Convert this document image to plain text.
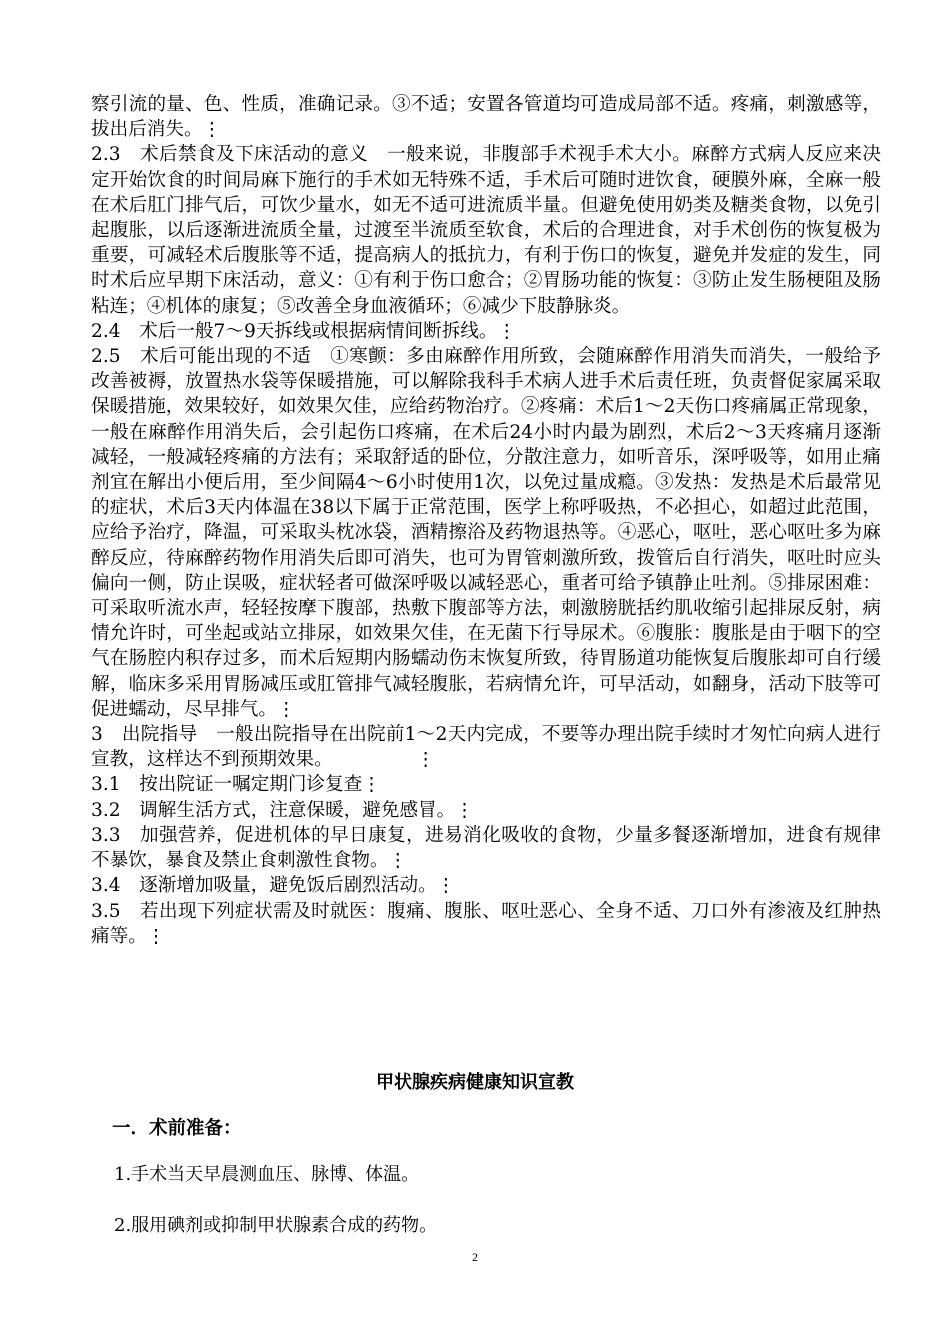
察引流的量、色、性质，准确记录。③不适；安置各管道均可造成局部不适。疼痛，刺激感等，拔出后消失。⋮

2.3　术后禁食及下床活动的意义　一般来说，非腹部手术视手术大小。麻醉方式病人反应来决定开始饮食的时间局麻下施行的手术如无特殊不适，手术后可随时进饮食，硬膜外麻，全麻一般在术后肛门排气后，可饮少量水，如无不适可进流质半量。但避免使用奶类及糖类食物，以免引起腹胀，以后逐渐进流质全量，过渡至半流质至软食，术后的合理进食，对手术创伤的恢复极为重要，可减轻术后腹胀等不适，提高病人的抵抗力，有利于伤口的恢复，避免并发症的发生，同时术后应早期下床活动，意义：①有利于伤口愈合；②胃肠功能的恢复：③防止发生肠梗阻及肠粘连；④机体的康复；⑤改善全身血液循环；⑥减少下肢静脉炎。

2.4　术后一般7～9天拆线或根据病情间断拆线。⋮

2.5　术后可能出现的不适　①寒颤：多由麻醉作用所致，会随麻醉作用消失而消失，一般给予改善被褥，放置热水袋等保暖措施，可以解除我科手术病人进手术后责任班，负责督促家属采取保暖措施，效果较好，如效果欠佳，应给药物治疗。②疼痛：术后1～2天伤口疼痛属正常现象，一般在麻醉作用消失后，会引起伤口疼痛，在术后24小时内最为剧烈，术后2～3天疼痛月逐渐减轻，一般减轻疼痛的方法有；采取舒适的卧位，分散注意力，如听音乐，深呼吸等，如用止痛剂宜在解出小便后用，至少间隔4～6小时使用1次，以免过量成瘾。③发热：发热是术后最常见的症状，术后3天内体温在38以下属于正常范围，医学上称呼吸热，不必担心，如超过此范围，应给予治疗，降温，可采取头枕冰袋，酒精擦浴及药物退热等。④恶心，呕吐，恶心呕吐多为麻醉反应，待麻醉药物作用消失后即可消失，也可为胃管刺激所致，拨管后自行消失，呕吐时应头偏向一侧，防止误吸，症状轻者可做深呼吸以减轻恶心，重者可给予镇静止吐剂。⑤排尿困难：可采取听流水声，轻轻按摩下腹部，热敷下腹部等方法，刺激膀胱括约肌收缩引起排尿反射，病情允许时，可坐起或站立排尿，如效果欠佳，在无菌下行导尿术。⑥腹胀：腹胀是由于咽下的空气在肠腔内积存过多，而术后短期内肠蠕动伤末恢复所致，待胃肠道功能恢复后腹胀却可自行缓解，临床多采用胃肠减压或肛管排气减轻腹胀，若病情允许，可早活动，如翻身，活动下肢等可促进蠕动，尽早排气。⋮

3　出院指导　一般出院指导在出院前1～2天内完成，不要等办理出院手续时才匆忙向病人进行宣教，这样达不到预期效果。　　　　　⋮

3.1　按出院证一嘱定期门诊复查⋮

3.2　调解生活方式，注意保暖，避免感冒。⋮

3.3　加强营养，促进机体的早日康复，进易消化吸收的食物，少量多餐逐渐增加，进食有规律不暴饮，暴食及禁止食刺激性食物。⋮

3.4　逐渐增加吸量，避免饭后剧烈活动。⋮

3.5　若出现下列症状需及时就医：腹痛、腹胀、呕吐恶心、全身不适、刀口外有渗液及红肿热痛等。⋮

甲状腺疾病健康知识宣教
一．术前准备：

1.手术当天早晨测血压、脉博、体温。

2.服用碘剂或抑制甲状腺素合成的药物。

2
